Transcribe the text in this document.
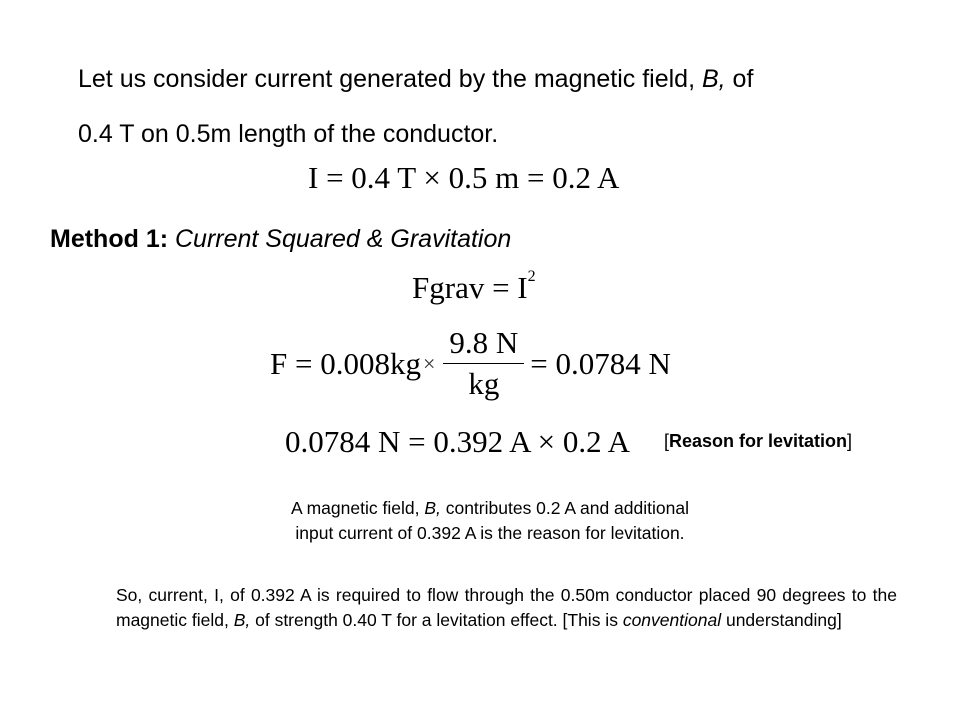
Let us consider current generated by the magnetic field, B, of
0.4 T on 0.5m length of the conductor.
I = 0.4 T × 0.5 m = 0.2 A
Method 1: Current Squared & Gravitation
Fgrav = $I^2$
$F = 0.008kg \times \frac{9.8 N}{kg} = 0.0784$ N
0.0784 N = 0.392 A × 0.2 A [Reason for levitation]
A magnetic field, B, contributes 0.2 A and additional
input current of 0.392 A is the reason for levitation.
So, current, I, of 0.392 A is required to flow through the 0.50m conductor placed 90 degrees to the magnetic field, B, of strength 0.40 T for a levitation effect. [This is conventional understanding]
